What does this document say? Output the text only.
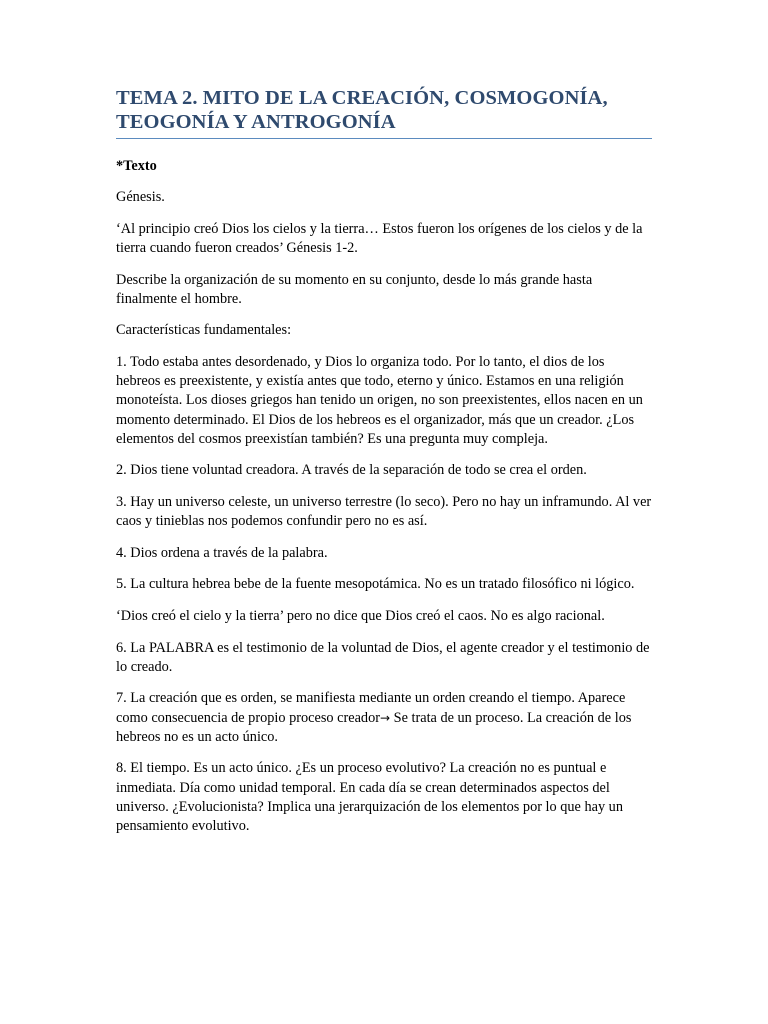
TEMA 2. MITO DE LA CREACIÓN, COSMOGONÍA, TEOGONÍA Y ANTROGONÍA

*Texto

Génesis.

‘Al principio creó Dios los cielos y la tierra… Estos fueron los orígenes de los cielos y de la tierra cuando fueron creados’ Génesis 1-2.

Describe la organización de su momento en su conjunto, desde lo más grande hasta finalmente el hombre.

Características fundamentales:

1. Todo estaba antes desordenado, y Dios lo organiza todo. Por lo tanto, el dios de los hebreos es preexistente, y existía antes que todo, eterno y único. Estamos en una religión monoteísta. Los dioses griegos han tenido un origen, no son preexistentes, ellos nacen en un momento determinado. El Dios de los hebreos es el organizador, más que un creador. ¿Los elementos del cosmos preexistían también? Es una pregunta muy compleja.

2. Dios tiene voluntad creadora. A través de la separación de todo se crea el orden.

3. Hay un universo celeste, un universo terrestre (lo seco). Pero no hay un inframundo. Al ver caos y tinieblas nos podemos confundir pero no es así.

4. Dios ordena a través de la palabra.

5. La cultura hebrea bebe de la fuente mesopotámica. No es un tratado filosófico ni lógico.

‘Dios creó el cielo y la tierra’ pero no dice que Dios creó el caos. No es algo racional.

6. La PALABRA es el testimonio de la voluntad de Dios, el agente creador y el testimonio de lo creado.

7. La creación que es orden, se manifiesta mediante un orden creando el tiempo. Aparece como consecuencia de propio proceso creador→ Se trata de un proceso. La creación de los hebreos no es un acto único.

8. El tiempo. Es un acto único. ¿Es un proceso evolutivo? La creación no es puntual e inmediata. Día como unidad temporal. En cada día se crean determinados aspectos del universo. ¿Evolucionista? Implica una jerarquización de los elementos por lo que hay un pensamiento evolutivo.
